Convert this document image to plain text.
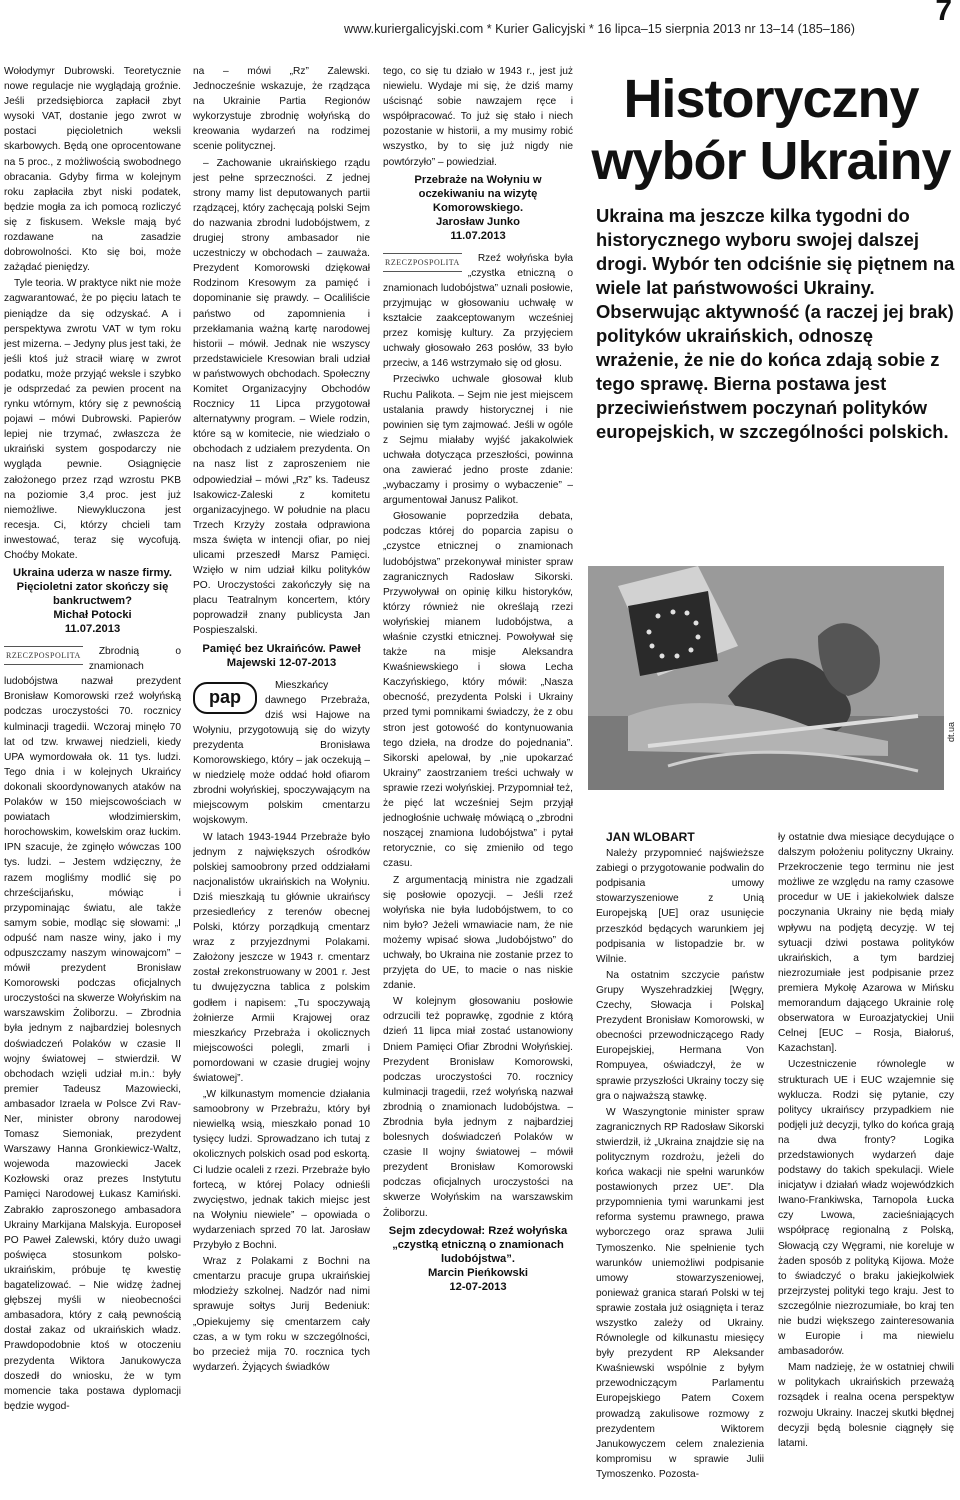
www.kuriergalicyjski.com * Kurier Galicyjski * 16 lipca–15 sierpnia 2013 nr 13–14 (185–186)
7

Wołodymyr Dubrowski. Teoretycznie nowe regulacje nie wyglądają groźnie. Jeśli przedsiębiorca zapłacił zbyt wysoki VAT, dostanie jego zwrot w postaci pięcioletnich weksli skarbowych. Będą one oprocentowane na 5 proc., z możliwością swobodnego obracania. Gdyby firma w kolejnym roku zapłaciła zbyt niski podatek, będzie mogła za ich pomocą rozliczyć się z fiskusem. Weksle mają być rozdawane na zasadzie dobrowolności. Kto się boi, może zażądać pieniędzy.

Tyle teoria. W praktyce nikt nie może zagwarantować, że po pięciu latach te pieniądze da się odzyskać. A i perspektywa zwrotu VAT w tym roku jest mizerna. – Jedyny plus jest taki, że jeśli ktoś już stracił wiarę w zwrot podatku, może przyjąć weksle i szybko je odsprzedać za pewien procent na rynku wtórnym, który się z pewnością pojawi – mówi Dubrowski. Papierów lepiej nie trzymać, zwłaszcza że ukraiński system gospodarczy nie wygląda pewnie. Osiągnięcie założonego przez rząd wzrostu PKB na poziomie 3,4 proc. jest już niemożliwe. Niewykluczona jest recesja. Ci, którzy chcieli tam inwestować, teraz się wycofują. Choćby Mokate.

Ukraina uderza w nasze firmy. Pięcioletni zator skończy się bankructwem?
Michał Potocki
11.07.2013
RZECZPOSPOLITA	Zbrodnią o znamionach ludobójstwa nazwał prezydent Bronisław Komorowski rzeź wołyńską podczas uroczystości 70. rocznicy kulminacji tragedii. Wczoraj minęło 70 lat od tzw. krwawej niedzieli, kiedy UPA wymordowała ok. 11 tys. ludzi. Tego dnia i w kolejnych Ukraińcy dokonali skoordynowanych ataków na Polaków w 150 miejscowościach w powiatach włodzimierskim, horochowskim, kowelskim oraz łuckim. IPN szacuje, że zginęło wówczas 100 tys. ludzi. – Jestem wdzięczny, że razem mogliśmy modlić się po chrześcijańsku, mówiąc i przypominając światu, ale także samym sobie, modląc się słowami: „I odpuść nam nasze winy, jako i my odpuszczamy naszym winowajcom” – mówił prezydent Bronisław Komorowski podczas oficjalnych uroczystości na skwerze Wołyńskim na warszawskim Żoliborzu. – Zbrodnia była jednym z najbardziej bolesnych doświadczeń Polaków w czasie II wojny światowej – stwierdził. W obchodach wzięli udział m.in.: były premier Tadeusz Mazowiecki, ambasador Izraela w Polsce Zvi Rav-Ner, minister obrony narodowej Tomasz Siemoniak, prezydent Warszawy Hanna Gronkiewicz-Waltz, wojewoda mazowiecki Jacek Kozłowski oraz prezes Instytutu Pamięci Narodowej Łukasz Kamiński. Zabrakło zaproszonego ambasadora Ukrainy Markijana Malskyja. Europoseł PO Paweł Zalewski, który dużo uwagi poświęca stosunkom polsko-ukraińskim, próbuje tę kwestię bagatelizować. – Nie widzę żadnej głębszej myśli w nieobecności ambasadora, który z całą pewnością dostał zakaz od ukraińskich władz. Prawdopodobnie ktoś w otoczeniu prezydenta Wiktora Janukowycza doszedł do wniosku, że w tym momencie taka postawa dyplomacji będzie wygod-

na – mówi „Rz” Zalewski. Jednocześnie wskazuje, że rządząca na Ukrainie Partia Regionów wykorzystuje zbrodnię wołyńską do kreowania wydarzeń na rodzimej scenie politycznej.

– Zachowanie ukraińskiego rządu jest pełne sprzeczności. Z jednej strony mamy list deputowanych partii rządzącej, który zachęcają polski Sejm do nazwania zbrodni ludobójstwem, z drugiej strony ambasador nie uczestniczy w obchodach – zauważa. Prezydent Komorowski dziękował Rodzinom Kresowym za pamięć i dopominanie się prawdy. – Ocaliliście państwo od zapomnienia i przekłamania ważną kartę narodowej historii – mówił. Jednak nie wszyscy przedstawiciele Kresowian brali udział w państwowych obchodach. Społeczny Komitet Organizacyjny Obchodów Rocznicy 11 Lipca przygotował alternatywny program. – Wiele rodzin, które są w komitecie, nie wiedziało o obchodach z udziałem prezydenta. On na nasz list z zaproszeniem nie odpowiedział – mówi „Rz” ks. Tadeusz Isakowicz-Zaleski z komitetu organizacyjnego. W południe na placu Trzech Krzyży została odprawiona msza święta w intencji ofiar, po niej ulicami przeszedł Marsz Pamięci. Wzięło w nim udział kilku polityków PO. Uroczystości zakończyły się na placu Teatralnym koncertem, który poprowadził znany publicysta Jan Pospieszalski.

Pamięć bez Ukraińców. Paweł Majewski 12-07-2013
pap

Mieszkańcy dawnego Przebraża, dziś wsi Hajowe na Wołyniu, przygotowują się do wizyty prezydenta Bronisława Komorowskiego, który – jak oczekują – w niedzielę może oddać hołd ofiarom zbrodni wołyńskiej, spoczywającym na miejscowym polskim cmentarzu wojskowym.

W latach 1943-1944 Przebraże było jednym z największych ośrodków polskiej samoobrony przed oddziałami nacjonalistów ukraińskich na Wołyniu. Dziś mieszkają tu głównie ukraińscy przesiedleńcy z terenów obecnej Polski, którzy porządkują cmentarz wraz z przyjezdnymi Polakami. Założony jeszcze w 1943 r. cmentarz został zrekonstruowany w 2001 r. Jest tu dwujęzyczna tablica z polskim godłem i napisem: „Tu spoczywają żołnierze Armii Krajowej oraz mieszkańcy Przebraża i okolicznych miejscowości polegli, zmarli i pomordowani w czasie drugiej wojny światowej”.

„W kilkunastym momencie działania samoobrony w Przebrażu, który był niewielką wsią, mieszkało ponad 10 tysięcy ludzi. Sprowadzano ich tutaj z okolicznych polskich osad pod eskortą. Ci ludzie ocaleli z rzezi. Przebraże było fortecą, w której Polacy odnieśli zwycięstwo, jednak takich miejsc jest na Wołyniu niewiele” – opowiada o wydarzeniach sprzed 70 lat. Jarosław Przybyło z Bochni.

Wraz z Polakami z Bochni na cmentarzu pracuje grupa ukraińskiej młodzieży szkolnej. Nadzór nad nimi sprawuje sołtys Jurij Bedeniuk: „Opiekujemy się cmentarzem cały czas, a w tym roku w szczególności, bo przecież mija 70. rocznica tych wydarzeń. Żyjących świadków

tego, co się tu działo w 1943 r., jest już niewielu. Wydaje mi się, że dziś mamy uścisnąć sobie nawzajem ręce i współpracować. To już się stało i niech pozostanie w historii, a my musimy robić wszystko, by to się już nigdy nie powtórzyło” – powiedział.

Przebraże na Wołyniu w oczekiwaniu na wizytę Komorowskiego.
Jarosław Junko
11.07.2013
RZECZPOSPOLITA	Rzeź wołyńska była „czystka etniczną o znamionach ludobójstwa” uznali posłowie, przyjmując w głosowaniu uchwałę w kształcie zaakceptowanym wcześniej przez komisję kultury. Za przyjęciem uchwały głosowało 263 posłów, 33 było przeciw, a 146 wstrzymało się od głosu.

Przeciwko uchwale głosował klub Ruchu Palikota. – Sejm nie jest miejscem ustalania prawdy historycznej i nie powinien się tym zajmować. Jeśli w ogóle z Sejmu miałaby wyjść jakakolwiek uchwała dotycząca przeszłości, powinna ona zawierać jedno proste zdanie: „wybaczamy i prosimy o wybaczenie” – argumentował Janusz Palikot.

Głosowanie poprzedziła debata, podczas której do poparcia zapisu o „czystce etnicznej o znamionach ludobójstwa” przekonywał minister spraw zagranicznych Radosław Sikorski. Przywoływał on opinię kilku historyków, którzy również nie określają rzezi wołyńskiej mianem ludobójstwa, a właśnie czystki etnicznej. Powoływał się także na misje Aleksandra Kwaśniewskiego i słowa Lecha Kaczyńskiego, który mówił: „Nasza obecność, prezydenta Polski i Ukrainy przed tymi pomnikami świadczy, że z obu stron jest gotowość do kontynuowania tego dzieła, na drodze do pojednania”. Sikorski apelował, by „nie upokarzać Ukrainy” zaostrzaniem treści uchwały w sprawie rzezi wołyńskiej. Przypomniał też, że pięć lat wcześniej Sejm przyjął jednogłośnie uchwałę mówiącą o „zbrodni noszącej znamiona ludobójstwa” i pytał retorycznie, co się zmieniło od tego czasu.

Z argumentacją ministra nie zgadzali się posłowie opozycji. – Jeśli rzeź wołyńska nie była ludobójstwem, to co nim było? Jeżeli wmawiacie nam, że nie możemy wpisać słowa „ludobójstwo” do uchwały, bo Ukraina nie zostanie przez to przyjęta do UE, to macie o nas niskie zdanie.

W kolejnym głosowaniu posłowie odrzucili też poprawkę, zgodnie z którą dzień 11 lipca miał zostać ustanowiony Dniem Pamięci Ofiar Zbrodni Wołyńskiej. Prezydent Bronisław Komorowski, podczas uroczystości 70. rocznicy kulminacji tragedii, rzeź wołyńską nazwał zbrodnią o znamionach ludobójstwa. – Zbrodnia była jednym z najbardziej bolesnych doświadczeń Polaków w czasie II wojny światowej – mówił prezydent Bronisław Komorowski podczas oficjalnych uroczystości na skwerze Wołyńskim na warszawskim Żoliborzu.

Sejm zdecydował: Rzeź wołyńska „czystką etniczną o znamionach ludobójstwa”.
Marcin Pieńkowski
12-07-2013
Historyczny wybór Ukrainy
Ukraina ma jeszcze kilka tygodni do historycznego wyboru swojej dalszej drogi. Wybór ten odciśnie się piętnem na wiele lat państwowości Ukrainy. Obserwując aktywność (a raczej jej brak) polityków ukraińskich, odnoszę wrażenie, że nie do końca zdają sobie z tego sprawę. Bierna postawa jest przeciwieństwem poczynań polityków europejskich, w szczególności polskich.
dt.ua

JAN WLOBART

Należy przypomnieć najświeższe zabiegi o przygotowanie podwalin do podpisania umowy stowarzyszeniowe z Unią Europejską [UE] oraz usunięcie przeszkód będących warunkiem jej podpisania w listopadzie br. w Wilnie.

Na ostatnim szczycie państw Grupy Wyszehradzkiej [Węgry, Czechy, Słowacja i Polska] Prezydent Bronisław Komorowski, w obecności przewodniczącego Rady Europejskiej, Hermana Von Rompuyea, oświadczył, że w sprawie przyszłości Ukrainy toczy się gra o najważszą stawkę.

W Waszyngtonie minister spraw zagranicznych RP Radosław Sikorski stwierdził, iż „Ukraina znajdzie się na politycznym rozdrożu, jeżeli do końca wakacji nie spełni warunków postawionych przez UE”. Dla przypomnienia tymi warunkami jest reforma systemu prawnego, prawa wyborczego oraz sprawa Julii Tymoszenko. Nie spełnienie tych warunków uniemożliwi podpisanie umowy stowarzyszeniowej, ponieważ granica starań Polski w tej sprawie została już osiągnięta i teraz wszystko zależy od Ukrainy. Równolegle od kilkunastu miesięcy były prezydent RP Aleksander Kwaśniewski wspólnie z byłym przewodniczącym Parlamentu Europejskiego Patem Coxem prowadzą zakulisowe rozmowy z prezydentem Wiktorem Janukowyczem celem znalezienia kompromisu w sprawie Julii Tymoszenko. Pozosta-

ły ostatnie dwa miesiące decydujące o dalszym położeniu polityczny Ukrainy. Przekroczenie tego terminu nie jest możliwe ze względu na ramy czasowe procedur w UE i jakiekolwiek dalsze poczynania Ukrainy nie będą miały wpływu na podjętą decyzję. W tej sytuacji dziwi postawa polityków ukraińskich, a tym bardziej niezrozumiałe jest podpisanie przez premiera Mykołę Azarowa w Mińsku memorandum dającego Ukrainie rolę obserwatora w Euroazjatyckiej Unii Celnej [EUC – Rosja, Białoruś, Kazachstan].

Uczestniczenie równolegle w strukturach UE i EUC wzajemnie się wyklucza. Rodzi się pytanie, czy politycy ukraińscy przypadkiem nie podjęli już decyzji, tylko do końca grają na dwa fronty? Logika przedstawionych wydarzeń daje podstawy do takich spekulacji. Wiele inicjatyw i działań władz wojewódzkich Iwano-Frankiwska, Tarnopola Łucka czy Lwowa, zacieśniających współpracę regionalną z Polską, Słowacją czy Węgrami, nie koreluje w żaden sposób z polityką Kijowa. Może to świadczyć o braku jakiejkolwiek przejrzystej polityki tego kraju. Jest to szczególnie niezrozumiałe, bo kraj ten nie budzi większego zainteresowania w Europie i ma niewielu ambasadorów.

Mam nadzieję, że w ostatniej chwili w politykach ukraińskich przeważą rozsądek i realna ocena perspektyw rozwoju Ukrainy. Inaczej skutki błędnej decyzji będą bolesnie ciągnęły się latami.
